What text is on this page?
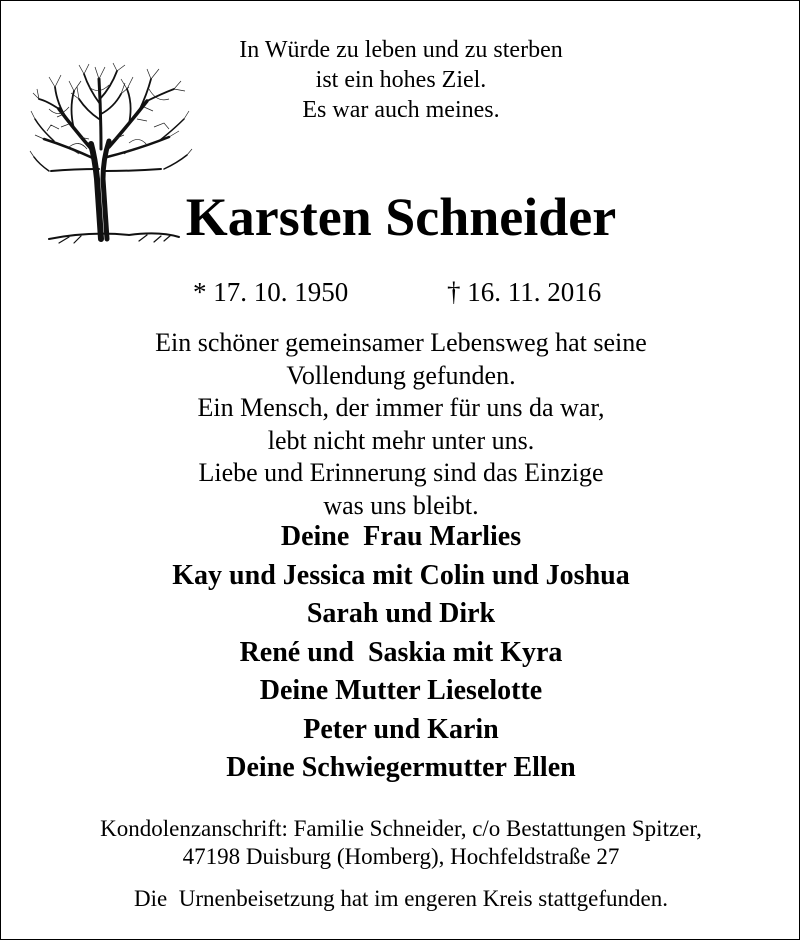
In Würde zu leben und zu sterben
ist ein hohes Ziel.
Es war auch meines.
Karsten Schneider
* 17. 10. 1950	† 16. 11. 2016
Ein schöner gemeinsamer Lebensweg hat seine
Vollendung gefunden.
Ein Mensch, der immer für uns da war,
lebt nicht mehr unter uns.
Liebe und Erinnerung sind das Einzige
was uns bleibt.
Deine  Frau Marlies
Kay und Jessica mit Colin und Joshua
Sarah und Dirk
René und  Saskia mit Kyra
Deine Mutter Lieselotte
Peter und Karin
Deine Schwiegermutter Ellen
Kondolenzanschrift: Familie Schneider, c/o Bestattungen Spitzer,
47198 Duisburg (Homberg), Hochfeldstraße 27
Die  Urnenbeisetzung hat im engeren Kreis stattgefunden.
